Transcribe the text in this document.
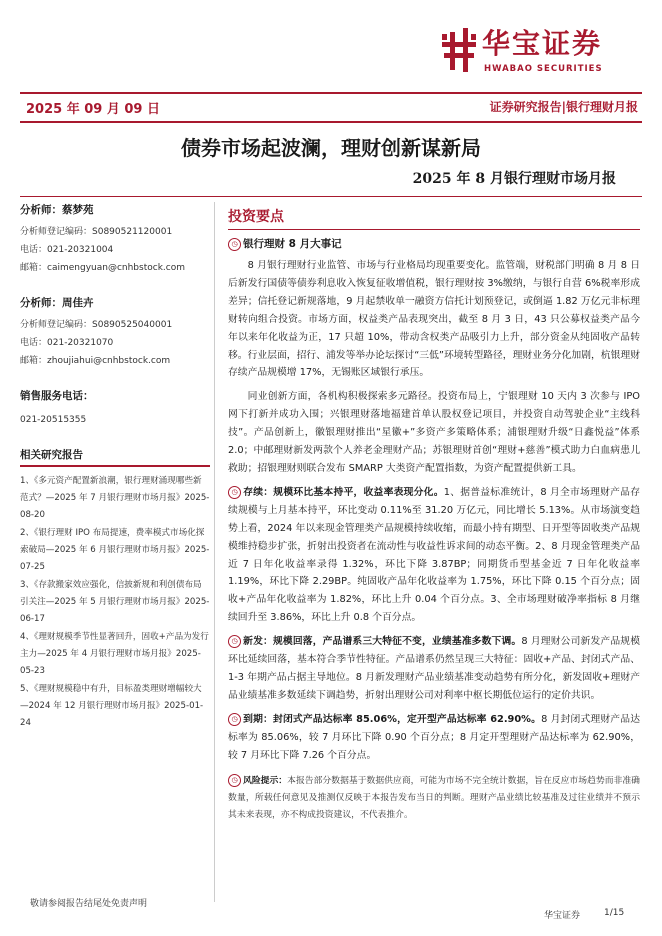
华宝证券
HWABAO SECURITIES
2025 年 09 月 09 日	证券研究报告|银行理财月报
债券市场起波澜，理财创新谋新局
2025 年 8 月银行理财市场月报
分析师：蔡梦苑
分析师登记编码：S0890521120001
电话：021-20321004
邮箱：caimengyuan@cnhbstock.com
分析师：周佳卉
分析师登记编码：S0890525040001
电话：021-20321070
邮箱：zhoujiahui@cnhbstock.com
销售服务电话：
021-20515355
相关研究报告
1、《多元资产配置新浪潮，银行理财涌现哪些新范式？—2025 年 7 月银行理财市场月报》2025-08-20
2、《银行理财 IPO 布局提速，费率模式市场化探索破局—2025 年 6 月银行理财市场月报》2025-07-25
3、《存款搬家效应强化，信披新规和利创债布局引关注—2025 年 5 月银行理财市场月报》2025-06-17
4、《理财规模季节性显著回升，固收+产品为发行主力—2025 年 4 月银行理财市场月报》2025-05-23
5、《理财规模稳中有升，目标盈类理财增幅较大—2024 年 12 月银行理财市场月报》2025-01-24
投资要点
◷ 银行理财 8 月大事记

8 月银行理财行业监管、市场与行业格局均现重要变化。监管端，财税部门明确 8 月 8 日后新发行国债等债券利息收入恢复征收增值税，银行理财按 3%缴纳，与银行自营 6%税率形成差异；信托登记新规落地，9 月起禁收单一融资方信托计划预登记，或倒逼 1.82 万亿元非标理财转向组合投资。市场方面，权益类产品表现突出，截至 8 月 3 日，43 只公募权益类产品今年以来年化收益为正，17 只超 10%，带动含权类产品吸引力上升，部分资金从纯固收产品转移。行业层面，招行、浦发等举办论坛探讨“三低”环境转型路径，理财业务分化加剧，杭银理财存续产品规模增 17%，无锡账区域银行承压。

同业创新方面，各机构积极探索多元路径。投资布局上，宁银理财 10 天内 3 次参与 IPO 网下打新并成功入围；兴银理财落地福建首单认股权登记项目，并投资自动驾驶企业“主线科技”。产品创新上，徽银理财推出“星徽+”多资产多策略体系；浦银理财升级“日鑫悦益”体系 2.0；中邮理财新发两款个人养老金理财产品；苏银理财首创“理财+慈善”模式助力白血病患儿救助；招银理财则联合发布 SMARP 大类资产配置指数，为资产配置提供新工具。

◷ 存续：规模环比基本持平，收益率表现分化。1、据普益标准统计，8 月全市场理财产品存续规模与上月基本持平，环比变动 0.11%至 31.20 万亿元，同比增长 5.13%。从市场演变趋势上看，2024 年以来现金管理类产品规模持续收缩，而最小持有期型、日开型等固收类产品规模维持稳步扩张，折射出投资者在流动性与收益性诉求间的动态平衡。2、8 月现金管理类产品近 7 日年化收益率录得 1.32%，环比下降 3.87BP；同期货币型基金近 7 日年化收益率 1.19%，环比下降 2.29BP。纯固收产品年化收益率为 1.75%，环比下降 0.15 个百分点；固收+产品年化收益率为 1.82%，环比上升 0.04 个百分点。3、全市场理财破净率指标 8 月继续回升至 3.86%，环比上升 0.8 个百分点。

◷ 新发：规模回落，产品谱系三大特征不变，业绩基准多数下调。8 月理财公司新发产品规模环比延续回落，基本符合季节性特征。产品谱系仍然呈现三大特征：固收+产品、封闭式产品、1-3 年期产品占据主导地位。8 月新发理财产品业绩基准变动趋势有所分化，新发固收+理财产品业绩基准多数延续下调趋势，折射出理财公司对利率中枢长期低位运行的定价共识。

◷ 到期：封闭式产品达标率 85.06%，定开型产品达标率 62.90%。8 月封闭式理财产品达标率为 85.06%，较 7 月环比下降 0.90 个百分点；8 月定开型理财产品达标率为 62.90%，较 7 月环比下降 7.26 个百分点。

◷ 风险提示：本报告部分数据基于数据供应商，可能为市场不完全统计数据，旨在反应市场趋势而非准确数量，所载任何意见及推测仅反映于本报告发布当日的判断。理财产品业绩比较基准及过往业绩并不预示其未来表现，亦不构成投资建议，不代表推介。

敬请参阅报告结尾处免责声明
华宝证券	1/15
